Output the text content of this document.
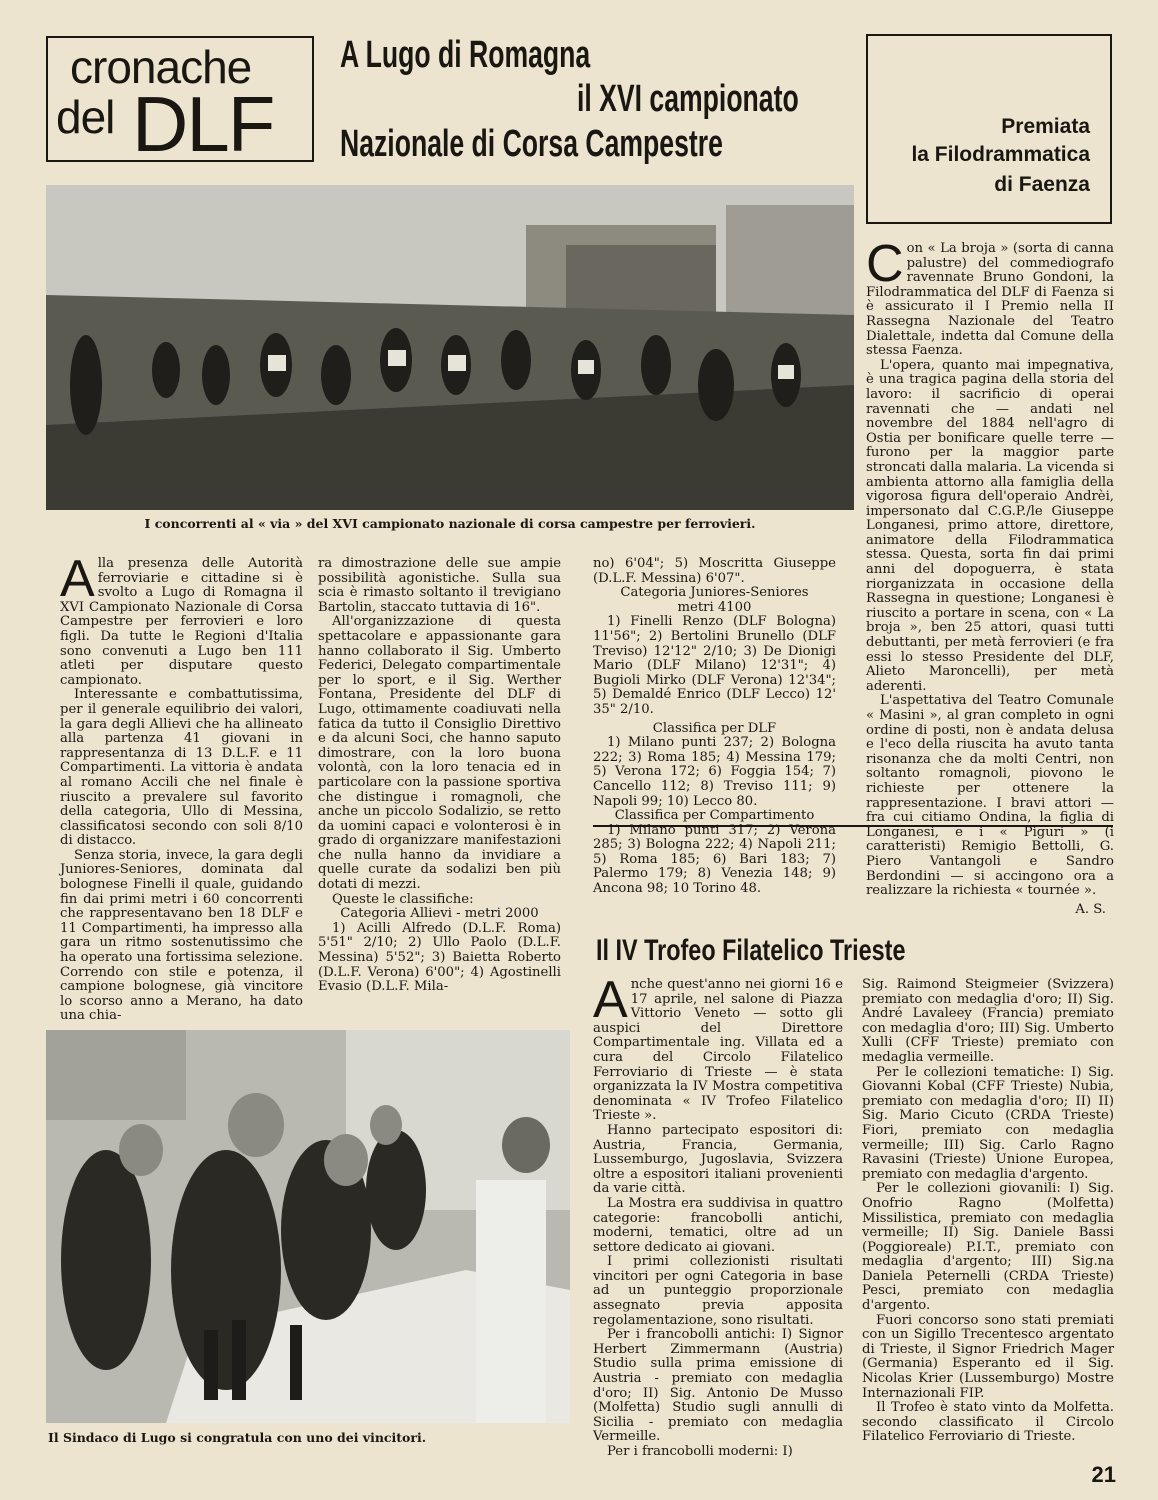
cronache
del DLF
A Lugo di Romagna
il XVI campionato
Nazionale di Corsa Campestre	Premiata
la Filodrammatica
di Faenza
I concorrenti al « via » del XVI campionato nazionale di corsa campestre per ferrovieri.

Alla presenza delle Autorità ferroviarie e cittadine si è svolto a Lugo di Romagna il XVI Campionato Nazionale di Corsa Campestre per ferrovieri e loro figli. Da tutte le Regioni d'Italia sono convenuti a Lugo ben 111 atleti per disputare questo campionato.

Interessante e combattutissima, per il generale equilibrio dei valori, la gara degli Allievi che ha allineato alla partenza 41 giovani in rappresentanza di 13 D.L.F. e 11 Compartimenti. La vittoria è andata al romano Accili che nel finale è riuscito a prevalere sul favorito della categoria, Ullo di Messina, classificatosi secondo con soli 8/10 di distacco.

Senza storia, invece, la gara degli Juniores-Seniores, dominata dal bolognese Finelli il quale, guidando fin dai primi metri i 60 concorrenti che rappresentavano ben 18 DLF e 11 Compartimenti, ha impresso alla gara un ritmo sostenutissimo che ha operato una fortissima selezione. Correndo con stile e potenza, il campione bolognese, già vincitore lo scorso anno a Merano, ha dato una chia-

ra dimostrazione delle sue ampie possibilità agonistiche. Sulla sua scia è rimasto soltanto il trevigiano Bartolin, staccato tuttavia di 16".

All'organizzazione di questa spettacolare e appassionante gara hanno collaborato il Sig. Umberto Federici, Delegato compartimentale per lo sport, e il Sig. Werther Fontana, Presidente del DLF di Lugo, ottimamente coadiuvati nella fatica da tutto il Consiglio Direttivo e da alcuni Soci, che hanno saputo dimostrare, con la loro buona volontà, con la loro tenacia ed in particolare con la passione sportiva che distingue i romagnoli, che anche un piccolo Sodalizio, se retto da uomini capaci e volonterosi è in grado di organizzare manifestazioni che nulla hanno da invidiare a quelle curate da sodalizi ben più dotati di mezzi.

Queste le classifiche:

Categoria Allievi - metri 2000

1) Acilli Alfredo (D.L.F. Roma) 5'51" 2/10; 2) Ullo Paolo (D.L.F. Messina) 5'52"; 3) Baietta Roberto (D.L.F. Verona) 6'00"; 4) Agostinelli Evasio (D.L.F. Mila-

no) 6'04"; 5) Moscritta Giuseppe (D.L.F. Messina) 6'07".

Categoria Juniores-Seniores

metri 4100

1) Finelli Renzo (DLF Bologna) 11'56"; 2) Bertolini Brunello (DLF Treviso) 12'12" 2/10; 3) De Dionigi Mario (DLF Milano) 12'31"; 4) Bugioli Mirko (DLF Verona) 12'34"; 5) Demaldé Enrico (DLF Lecco) 12' 35" 2/10.

Classifica per DLF

1) Milano punti 237; 2) Bologna 222; 3) Roma 185; 4) Messina 179; 5) Verona 172; 6) Foggia 154; 7) Cancello 112; 8) Treviso 111; 9) Napoli 99; 10) Lecco 80.

Classifica per Compartimento

1) Milano punti 317; 2) Verona 285; 3) Bologna 222; 4) Napoli 211; 5) Roma 185; 6) Bari 183; 7) Palermo 179; 8) Venezia 148; 9) Ancona 98; 10 Torino 48.

Con « La broja » (sorta di canna palustre) del commediografo ravennate Bruno Gondoni, la Filodrammatica del DLF di Faenza si è assicurato il I Premio nella II Rassegna Nazionale del Teatro Dialettale, indetta dal Comune della stessa Faenza.

L'opera, quanto mai impegnativa, è una tragica pagina della storia del lavoro: il sacrificio di operai ravennati che — andati nel novembre del 1884 nell'agro di Ostia per bonificare quelle terre — furono per la maggior parte stroncati dalla malaria. La vicenda si ambienta attorno alla famiglia della vigorosa figura dell'operaio Andrèi, impersonato dal C.G.P./le Giuseppe Longanesi, primo attore, direttore, animatore della Filodrammatica stessa. Questa, sorta fin dai primi anni del dopoguerra, è stata riorganizzata in occasione della Rassegna in questione; Longanesi è riuscito a portare in scena, con « La broja », ben 25 attori, quasi tutti debuttanti, per metà ferrovieri (e fra essi lo stesso Presidente del DLF, Alieto Maroncelli), per metà aderenti.

L'aspettativa del Teatro Comunale « Masini », al gran completo in ogni ordine di posti, non è andata delusa e l'eco della riuscita ha avuto tanta risonanza che da molti Centri, non soltanto romagnoli, piovono le richieste per ottenere la rappresentazione. I bravi attori — fra cui citiamo Ondina, la figlia di Longanesi, e i « Piguri » (i caratteristi) Remigio Bettolli, G. Piero Vantangoli e Sandro Berdondini — si accingono ora a realizzare la richiesta « tournée ».

A. S.

Il IV Trofeo Filatelico Trieste

Anche quest'anno nei giorni 16 e 17 aprile, nel salone di Piazza Vittorio Veneto — sotto gli auspici del Direttore Compartimentale ing. Villata ed a cura del Circolo Filatelico Ferroviario di Trieste — è stata organizzata la IV Mostra competitiva denominata « IV Trofeo Filatelico Trieste ».

Hanno partecipato espositori di: Austria, Francia, Germania, Lussemburgo, Jugoslavia, Svizzera oltre a espositori italiani provenienti da varie città.

La Mostra era suddivisa in quattro categorie: francobolli antichi, moderni, tematici, oltre ad un settore dedicato ai giovani.

I primi collezionisti risultati vincitori per ogni Categoria in base ad un punteggio proporzionale assegnato previa apposita regolamentazione, sono risultati.

Per i francobolli antichi: I) Signor Herbert Zimmermann (Austria) Studio sulla prima emissione di Austria - premiato con medaglia d'oro; II) Sig. Antonio De Musso (Molfetta) Studio sugli annulli di Sicilia - premiato con medaglia Vermeille.

Per i francobolli moderni: I)

Sig. Raimond Steigmeier (Svizzera) premiato con medaglia d'oro; II) Sig. André Lavaleey (Francia) premiato con medaglia d'oro; III) Sig. Umberto Xulli (CFF Trieste) premiato con medaglia vermeille.

Per le collezioni tematiche: I) Sig. Giovanni Kobal (CFF Trieste) Nubia, premiato con medaglia d'oro; II) II) Sig. Mario Cicuto (CRDA Trieste) Fiori, premiato con medaglia vermeille; III) Sig. Carlo Ragno Ravasini (Trieste) Unione Europea, premiato con medaglia d'argento.

Per le collezioni giovanili: I) Sig. Onofrio Ragno (Molfetta) Missilistica, premiato con medaglia vermeille; II) Sig. Daniele Bassi (Poggioreale) P.I.T., premiato con medaglia d'argento; III) Sig.na Daniela Peternelli (CRDA Trieste) Pesci, premiato con medaglia d'argento.

Fuori concorso sono stati premiati con un Sigillo Trecentesco argentato di Trieste, il Signor Friedrich Mager (Germania) Esperanto ed il Sig. Nicolas Krier (Lussemburgo) Mostre Internazionali FIP.

Il Trofeo è stato vinto da Molfetta. secondo classificato il Circolo Filatelico Ferroviario di Trieste.

Il Sindaco di Lugo si congratula con uno dei vincitori.
21
